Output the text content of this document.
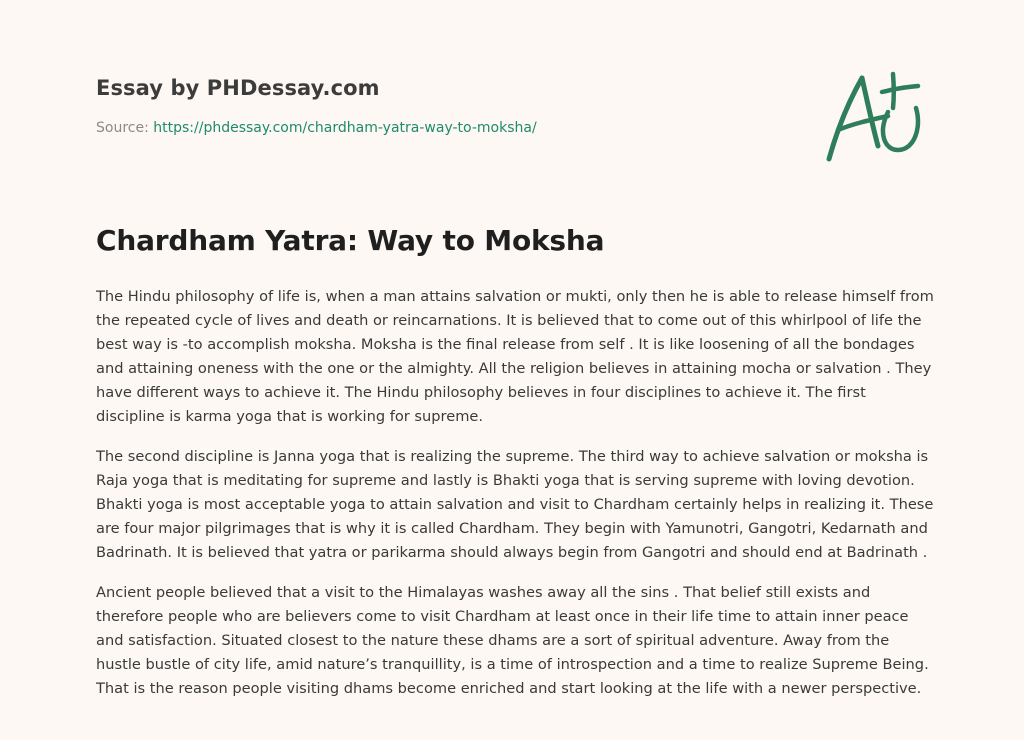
Essay by PHDessay.com
Source: https://phdessay.com/chardham-yatra-way-to-moksha/
Chardham Yatra: Way to Moksha

The Hindu philosophy of life is, when a man attains salvation or mukti, only then he is able to release himself from the repeated cycle of lives and death or reincarnations. It is believed that to come out of this whirlpool of life the best way is -to accomplish moksha. Moksha is the final release from self . It is like loosening of all the bondages and attaining oneness with the one or the almighty. All the religion believes in attaining mocha or salvation . They have different ways to achieve it. The Hindu philosophy believes in four disciplines to achieve it. The first discipline is karma yoga that is working for supreme.

The second discipline is Janna yoga that is realizing the supreme. The third way to achieve salvation or moksha is Raja yoga that is meditating for supreme and lastly is Bhakti yoga that is serving supreme with loving devotion. Bhakti yoga is most acceptable yoga to attain salvation and visit to Chardham certainly helps in realizing it. These are four major pilgrimages that is why it is called Chardham. They begin with Yamunotri, Gangotri, Kedarnath and Badrinath. It is believed that yatra or parikarma should always begin from Gangotri and should end at Badrinath .

Ancient people believed that a visit to the Himalayas washes away all the sins . That belief still exists and therefore people who are believers come to visit Chardham at least once in their life time to attain inner peace and satisfaction. Situated closest to the nature these dhams are a sort of spiritual adventure. Away from the hustle bustle of city life, amid nature’s tranquillity, is a time of introspection and a time to realize Supreme Being. That is the reason people visiting dhams become enriched and start looking at the life with a newer perspective.
